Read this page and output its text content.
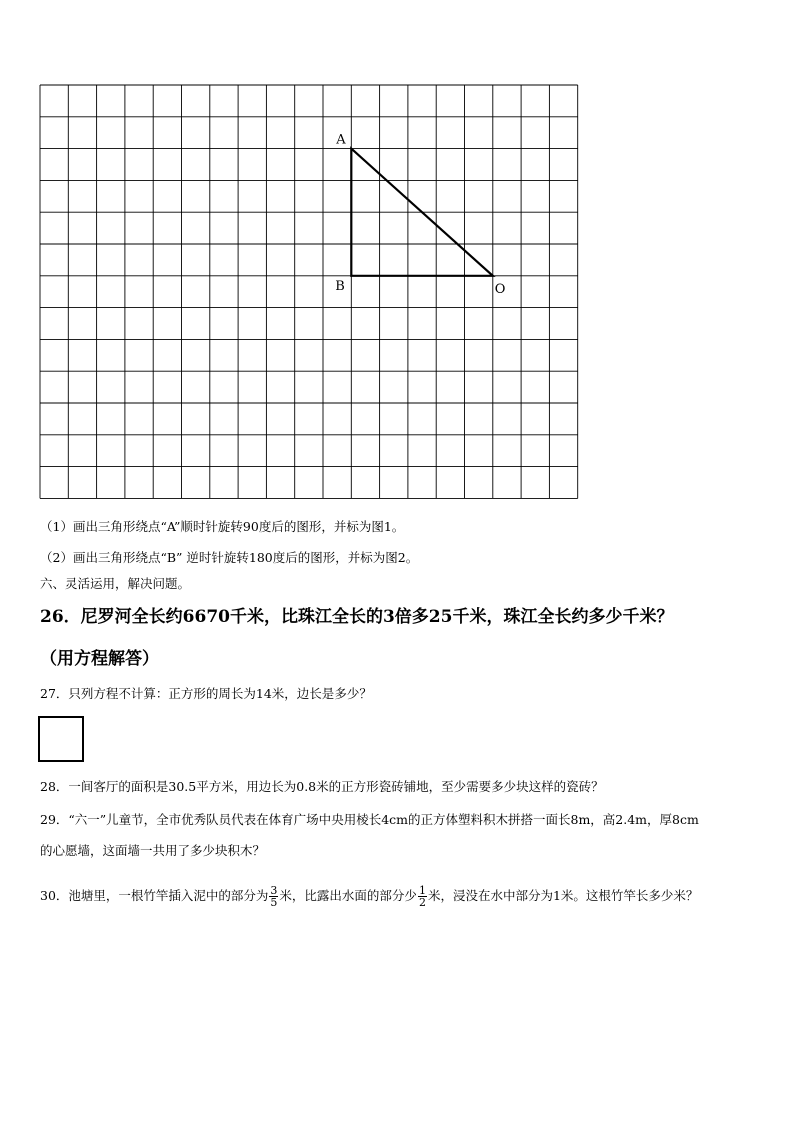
A
B	O
（1）画出三角形绕点“A”顺时针旋转90度后的图形，并标为图1。
（2）画出三角形绕点“B” 逆时针旋转180度后的图形，并标为图2。
六、灵活运用，解决问题。
26．尼罗河全长约6670千米，比珠江全长的3倍多25千米，珠江全长约多少千米？
（用方程解答）
27．只列方程不计算：正方形的周长为14米，边长是多少？
28．一间客厅的面积是30.5平方米，用边长为0.8米的正方形瓷砖铺地，至少需要多少块这样的瓷砖？
29．“六一”儿童节，全市优秀队员代表在体育广场中央用棱长4cm的正方体塑料积木拼搭一面长8m，高2.4m，厚8cm
的心愿墙，这面墙一共用了多少块积木？
30．池塘里，一根竹竿插入泥中的部分为 $\frac{3}{5}$ 米，比露出水面的部分少 $\frac{1}{2}$ 米，浸没在水中部分为1米。这根竹竿长多少米？
